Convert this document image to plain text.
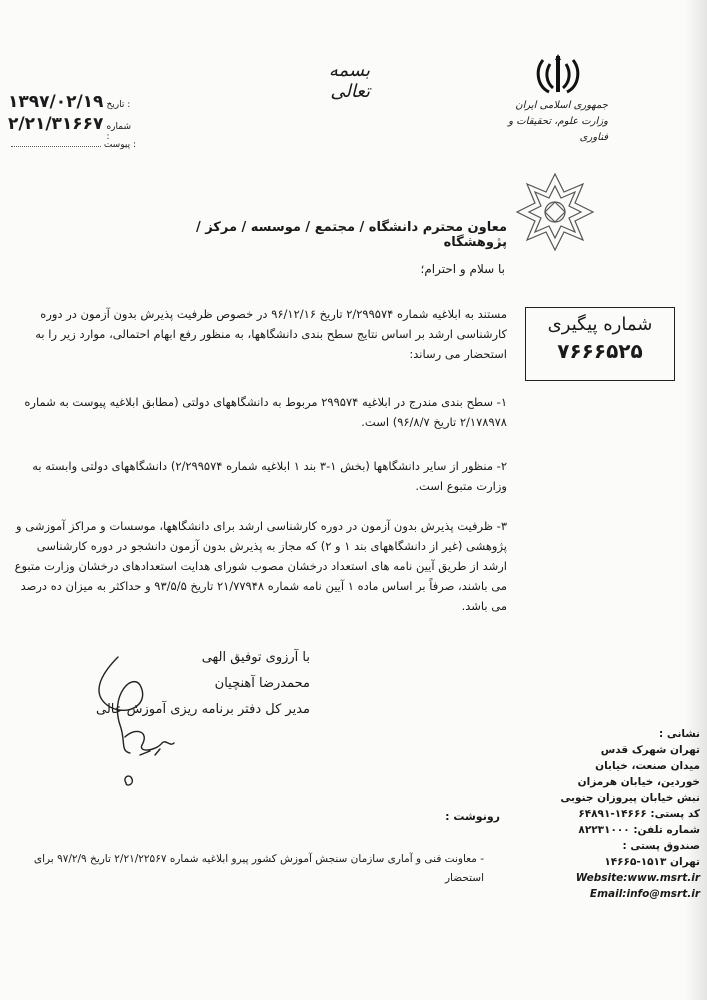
بسمه تعالی
جمهوری اسلامی ایران
وزارت علوم، تحقیقات و فناوری
۱۳۹۷/۰۲/۱۹ تاریخ :
۲/۲۱/۳۱۶۶۷ شماره :
پیوست :
معاون محترم دانشگاه / مجتمع / موسسه / مرکز / پژوهشگاه
با سلام و احترام؛
مستند به ابلاغیه شماره ۲/۲۹۹۵۷۴ تاریخ ۹۶/۱۲/۱۶ در خصوص ظرفیت پذیرش بدون آزمون در دوره کارشناسی ارشد بر اساس نتایج سطح بندی دانشگاهها، به منظور رفع ابهام احتمالی، موارد زیر را به استحضار می رساند:
۱- سطح بندی مندرج در ابلاغیه ۲۹۹۵۷۴ مربوط به دانشگاههای دولتی (مطابق ابلاغیه پیوست به شماره ۲/۱۷۸۹۷۸ تاریخ ۹۶/۸/۷) است.
۲- منظور از سایر دانشگاهها (بخش ۱-۳ بند ۱ ابلاغیه شماره ۲/۲۹۹۵۷۴) دانشگاههای دولتی وابسته به وزارت متبوع است.
۳- ظرفیت پذیرش بدون آزمون در دوره کارشناسی ارشد برای دانشگاهها، موسسات و مراکز آموزشی و پژوهشی (غیر از دانشگاههای بند ۱ و ۲) که مجاز به پذیرش بدون آزمون دانشجو در دوره کارشناسی ارشد از طریق آیین نامه های استعداد درخشان مصوب شورای هدایت استعدادهای درخشان وزارت متبوع می باشند، صرفاً بر اساس ماده ۱ آیین نامه شماره ۲۱/۷۷۹۴۸ تاریخ ۹۳/۵/۵ و حداکثر به میزان ده درصد می باشد.
شماره پیگیری
۷۶۶۶۵۲۵
با آرزوی توفیق الهی
محمدرضا آهنچیان
مدیر کل دفتر برنامه ریزی آموزش عالی
نشانی :
تهران شهرک قدس
میدان صنعت، خیابان
خوردین، خیابان هرمزان
نبش خیابان پیروزان جنوبی
کد پستی: ۱۴۶۶۶-۶۴۸۹۱
شماره تلفن: ۸۲۲۳۱۰۰۰
صندوق پستی :
تهران ۱۵۱۳-۱۴۶۶۵
Website:www.msrt.ir
Email:info@msrt.ir
رونوشت :
- معاونت فنی و آماری سازمان سنجش آموزش کشور پیرو ابلاغیه شماره ۲/۲۱/۲۲۵۶۷ تاریخ ۹۷/۲/۹ برای استحضار
